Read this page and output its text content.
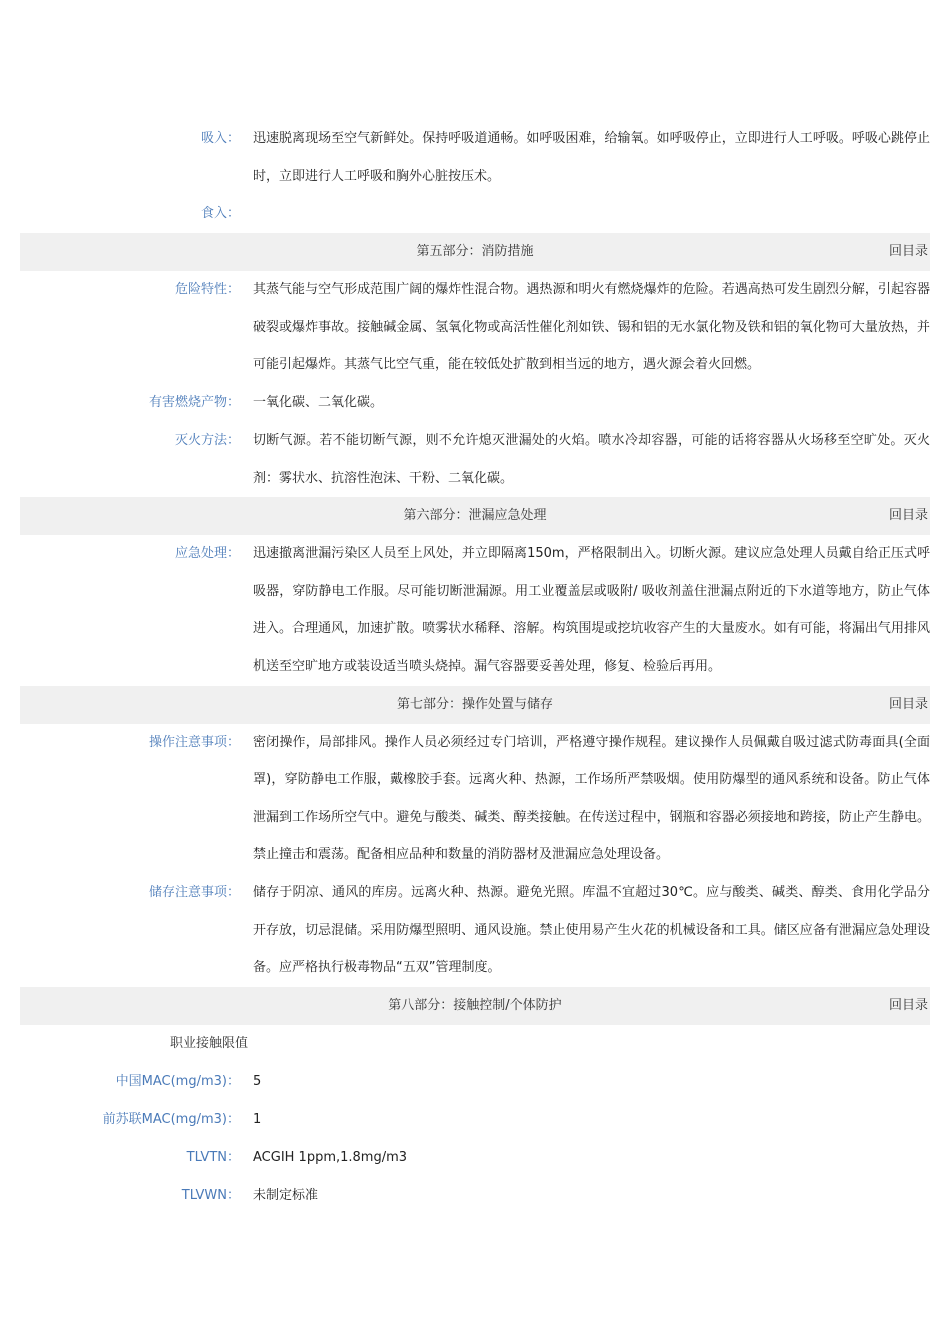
吸入： 迅速脱离现场至空气新鲜处。保持呼吸道通畅。如呼吸困难，给输氧。如呼吸停止，立即进行人工呼吸。呼吸心跳停止时，立即进行人工呼吸和胸外心脏按压术。
食入：
第五部分：消防措施	回目录
危险特性： 其蒸气能与空气形成范围广阔的爆炸性混合物。遇热源和明火有燃烧爆炸的危险。若遇高热可发生剧烈分解，引起容器破裂或爆炸事故。接触碱金属、氢氧化物或高活性催化剂如铁、锡和铝的无水氯化物及铁和铝的氧化物可大量放热，并可能引起爆炸。其蒸气比空气重，能在较低处扩散到相当远的地方，遇火源会着火回燃。
有害燃烧产物： 一氧化碳、二氧化碳。
灭火方法： 切断气源。若不能切断气源，则不允许熄灭泄漏处的火焰。喷水冷却容器，可能的话将容器从火场移至空旷处。灭火剂：雾状水、抗溶性泡沫、干粉、二氧化碳。
第六部分：泄漏应急处理	回目录
应急处理： 迅速撤离泄漏污染区人员至上风处，并立即隔离150m，严格限制出入。切断火源。建议应急处理人员戴自给正压式呼吸器，穿防静电工作服。尽可能切断泄漏源。用工业覆盖层或吸附/ 吸收剂盖住泄漏点附近的下水道等地方，防止气体进入。合理通风，加速扩散。喷雾状水稀释、溶解。构筑围堤或挖坑收容产生的大量废水。如有可能，将漏出气用排风机送至空旷地方或装设适当喷头烧掉。漏气容器要妥善处理，修复、检验后再用。
第七部分：操作处置与储存	回目录
操作注意事项： 密闭操作，局部排风。操作人员必须经过专门培训，严格遵守操作规程。建议操作人员佩戴自吸过滤式防毒面具(全面罩)，穿防静电工作服，戴橡胶手套。远离火种、热源，工作场所严禁吸烟。使用防爆型的通风系统和设备。防止气体泄漏到工作场所空气中。避免与酸类、碱类、醇类接触。在传送过程中，钢瓶和容器必须接地和跨接，防止产生静电。禁止撞击和震荡。配备相应品种和数量的消防器材及泄漏应急处理设备。
储存注意事项： 储存于阴凉、通风的库房。远离火种、热源。避免光照。库温不宜超过30℃。应与酸类、碱类、醇类、食用化学品分开存放，切忌混储。采用防爆型照明、通风设施。禁止使用易产生火花的机械设备和工具。储区应备有泄漏应急处理设备。应严格执行极毒物品“五双”管理制度。
第八部分：接触控制/个体防护	回目录
职业接触限值
中国MAC(mg/m3)： 5
前苏联MAC(mg/m3)： 1
TLVTN： ACGIH 1ppm,1.8mg/m3
TLVWN： 未制定标准
